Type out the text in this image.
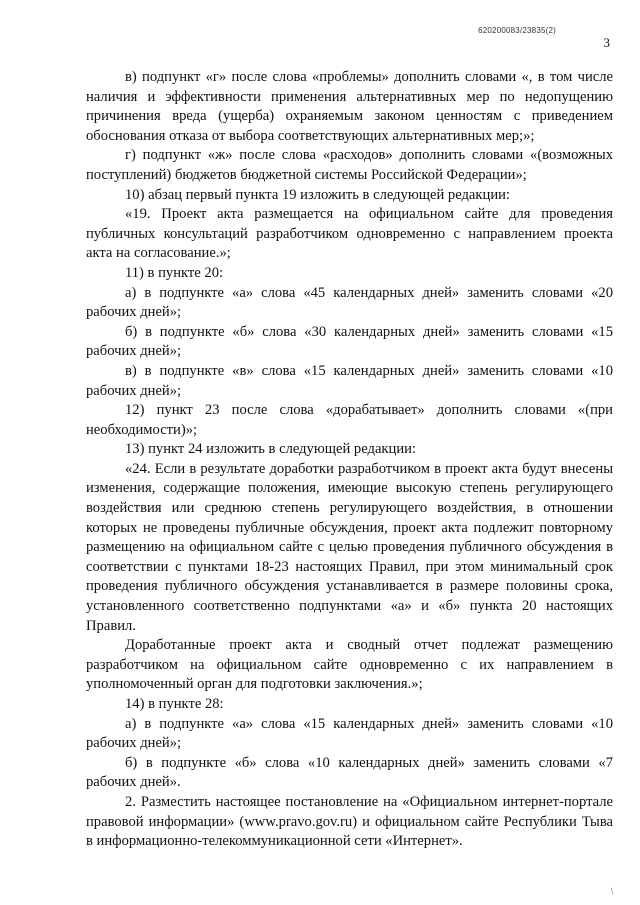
620200083/23835(2)
3

в) подпункт «г» после слова «проблемы» дополнить словами «, в том числе наличия и эффективности применения альтернативных мер по недопущению причинения вреда (ущерба) охраняемым законом ценностям с приведением обоснования отказа от выбора соответствующих альтернативных мер;»;

г) подпункт «ж» после слова «расходов» дополнить словами «(возможных поступлений) бюджетов бюджетной системы Российской Федерации»;

10) абзац первый пункта 19 изложить в следующей редакции:

«19. Проект акта размещается на официальном сайте для проведения публичных консультаций разработчиком одновременно с направлением проекта акта на согласование.»;

11) в пункте 20:

а) в подпункте «а» слова «45 календарных дней» заменить словами «20 рабочих дней»;

б) в подпункте «б» слова «30 календарных дней» заменить словами «15 рабочих дней»;

в) в подпункте «в» слова «15 календарных дней» заменить словами «10 рабочих дней»;

12) пункт 23 после слова «дорабатывает» дополнить словами «(при необходимости)»;

13) пункт 24 изложить в следующей редакции:

«24. Если в результате доработки разработчиком в проект акта будут внесены изменения, содержащие положения, имеющие высокую степень регулирующего воздействия или среднюю степень регулирующего воздействия, в отношении которых не проведены публичные обсуждения, проект акта подлежит повторному размещению на официальном сайте с целью проведения публичного обсуждения в соответствии с пунктами 18-23 настоящих Правил, при этом минимальный срок проведения публичного обсуждения устанавливается в размере половины срока, установленного соответственно подпунктами «а» и «б» пункта 20 настоящих Правил.

Доработанные проект акта и сводный отчет подлежат размещению разработчиком на официальном сайте одновременно с их направлением в уполномоченный орган для подготовки заключения.»;

14) в пункте 28:

а) в подпункте «а» слова «15 календарных дней» заменить словами «10 рабочих дней»;

б) в подпункте «б» слова «10 календарных дней» заменить словами «7 рабочих дней».

2. Разместить настоящее постановление на «Официальном интернет-портале правовой информации» (www.pravo.gov.ru) и официальном сайте Республики Тыва в информационно-телекоммуникационной сети «Интернет».

/
